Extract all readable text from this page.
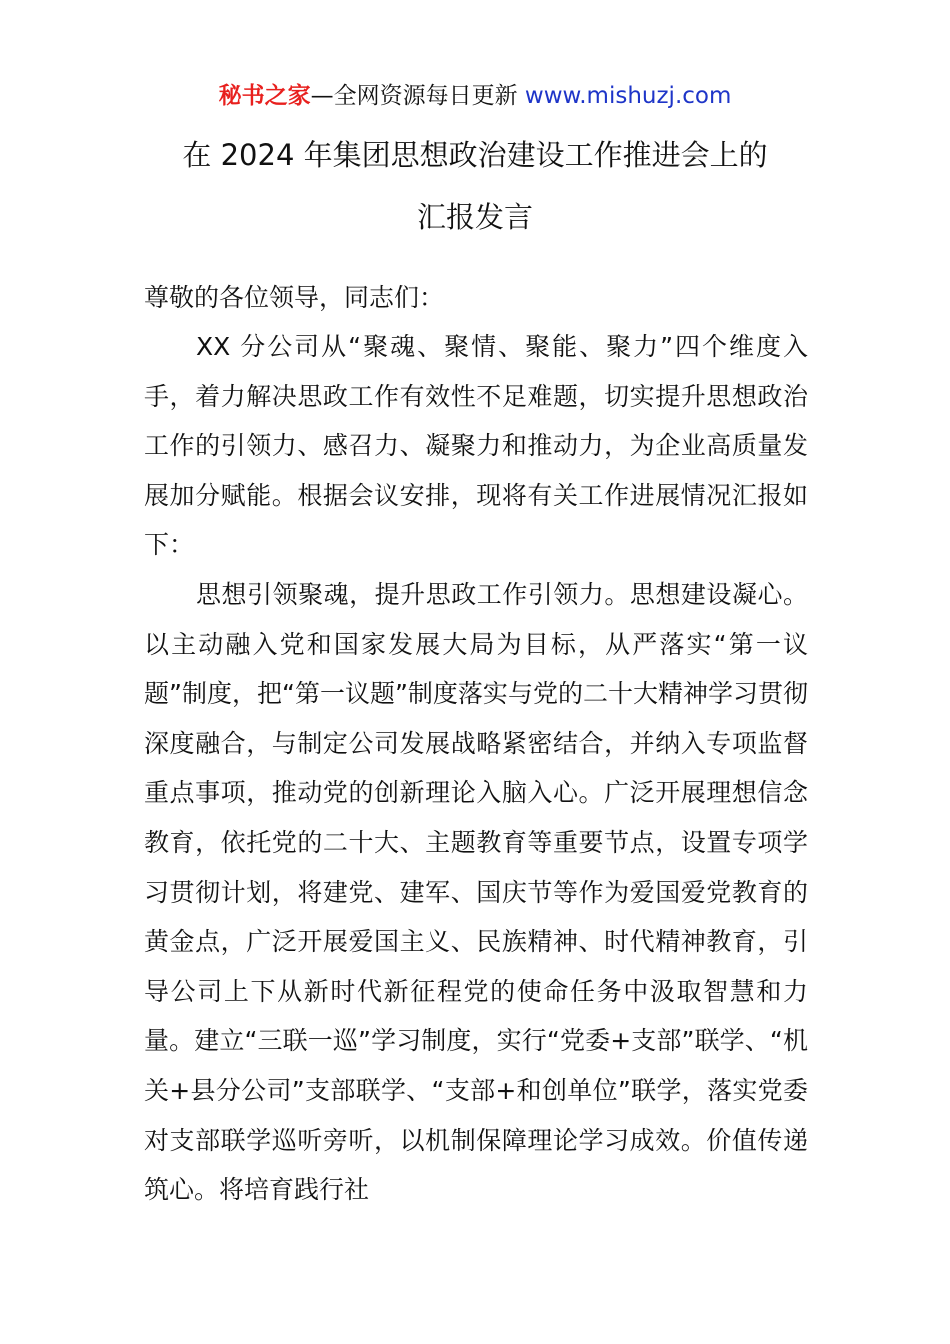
秘书之家—全网资源每日更新 www.mishuzj.com
在 2024 年集团思想政治建设工作推进会上的
汇报发言
尊敬的各位领导，同志们：

XX 分公司从“聚魂、聚情、聚能、聚力”四个维度入手，着力解决思政工作有效性不足难题，切实提升思想政治工作的引领力、感召力、凝聚力和推动力，为企业高质量发展加分赋能。根据会议安排，现将有关工作进展情况汇报如下：

思想引领聚魂，提升思政工作引领力。思想建设凝心。以主动融入党和国家发展大局为目标，从严落实“第一议题”制度，把“第一议题”制度落实与党的二十大精神学习贯彻深度融合，与制定公司发展战略紧密结合，并纳入专项监督重点事项，推动党的创新理论入脑入心。广泛开展理想信念教育，依托党的二十大、主题教育等重要节点，设置专项学习贯彻计划，将建党、建军、国庆节等作为爱国爱党教育的黄金点，广泛开展爱国主义、民族精神、时代精神教育，引导公司上下从新时代新征程党的使命任务中汲取智慧和力量。建立“三联一巡”学习制度，实行“党委+支部”联学、“机关+县分公司”支部联学、“支部+和创单位”联学，落实党委对支部联学巡听旁听，以机制保障理论学习成效。价值传递筑心。将培育践行社
